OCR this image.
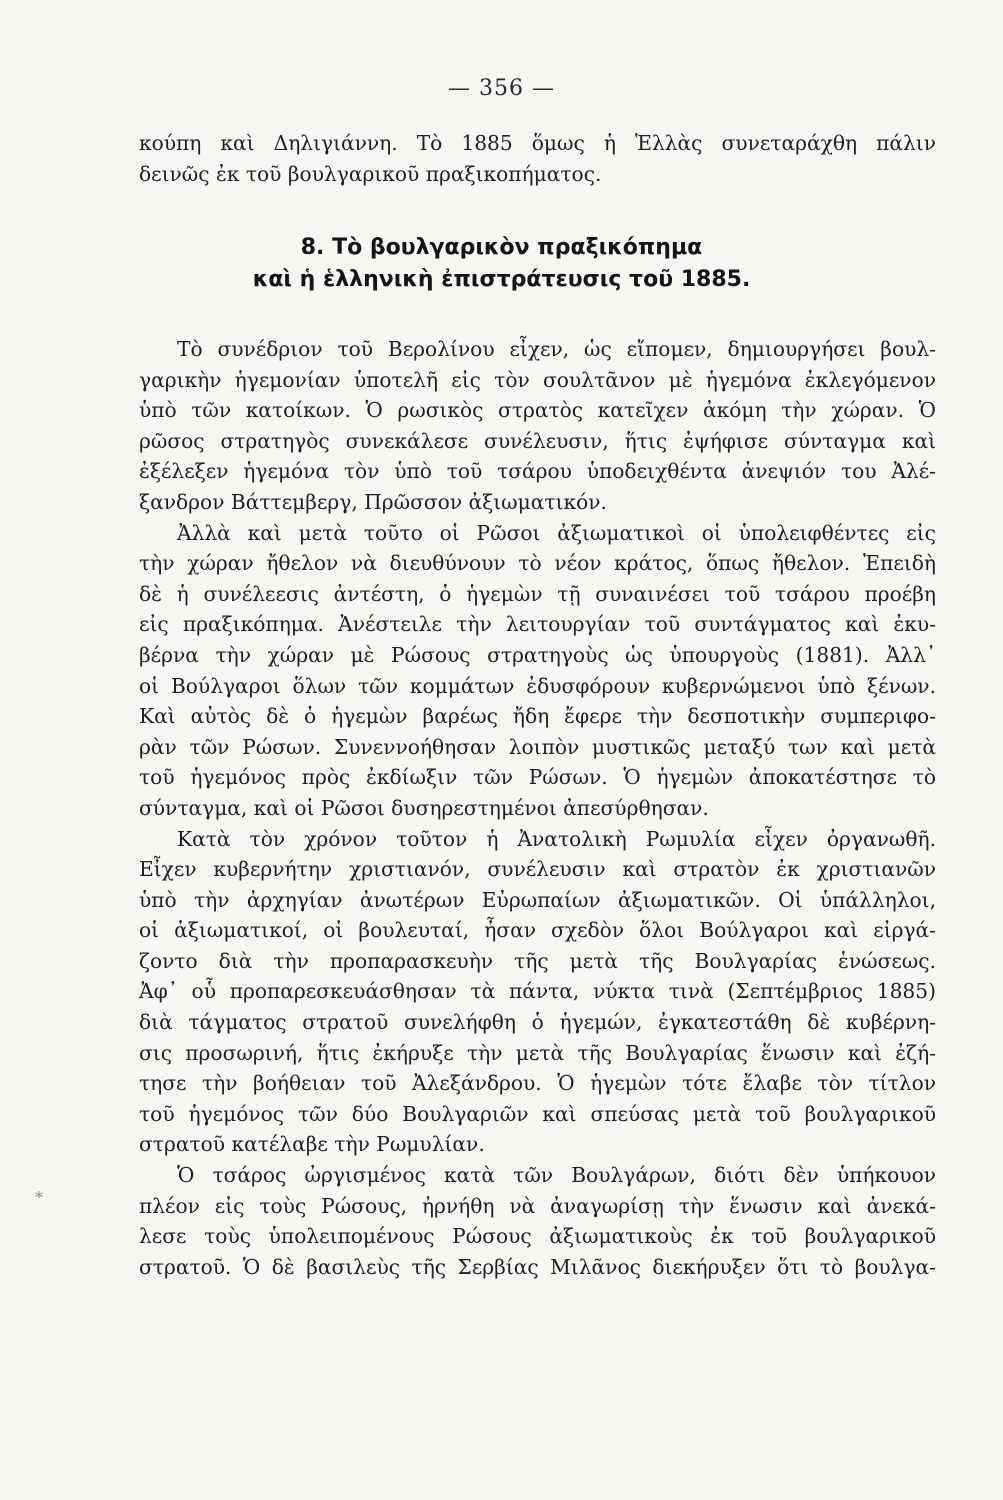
— 356 —
κούπη καὶ Δηλιγιάννη. Τὸ 1885 ὅμως ἡ Ἑλλὰς συνεταράχθη πάλιν
δεινῶς ἐκ τοῦ βουλγαρικοῦ πραξικοπήματος.
8. Τὸ βουλγαρικὸν πραξικόπημα
καὶ ἡ ἑλληνικὴ ἐπιστράτευσις τοῦ 1885.
Τὸ συνέδριον τοῦ Βερολίνου εἶχεν, ὡς εἴπομεν, δημιουργήσει βουλ-
γαρικὴν ἡγεμονίαν ὑποτελῆ εἰς τὸν σουλτᾶνον μὲ ἡγεμόνα ἐκλεγόμενον
ὑπὸ τῶν κατοίκων. Ὁ ρωσικὸς στρατὸς κατεῖχεν ἀκόμη τὴν χώραν. Ὁ
ρῶσος στρατηγὸς συνεκάλεσε συνέλευσιν, ἥτις ἐψήφισε σύνταγμα καὶ
ἐξέλεξεν ἡγεμόνα τὸν ὑπὸ τοῦ τσάρου ὑποδειχθέντα ἀνεψιόν του Ἀλέ-
ξανδρον Βάττεμβεργ, Πρῶσσον ἀξιωματικόν.
Ἀλλὰ καὶ μετὰ τοῦτο οἱ Ρῶσοι ἀξιωματικοὶ οἱ ὑπολειφθέντες εἰς
τὴν χώραν ἤθελον νὰ διευθύνουν τὸ νέον κράτος, ὅπως ἤθελον. Ἐπειδὴ
δὲ ἡ συνέλεεσις ἀντέστη, ὁ ἡγεμὼν τῇ συναινέσει τοῦ τσάρου προέβη
εἰς πραξικόπημα. Ἀνέστειλε τὴν λειτουργίαν τοῦ συντάγματος καὶ ἐκυ-
βέρνα τὴν χώραν μὲ Ρώσους στρατηγοὺς ὡς ὑπουργοὺς (1881). Ἀλλ᾽
οἱ Βούλγαροι ὅλων τῶν κομμάτων ἐδυσφόρουν κυβερνώμενοι ὑπὸ ξένων.
Καὶ αὐτὸς δὲ ὁ ἡγεμὼν βαρέως ἤδη ἔφερε τὴν δεσποτικὴν συμπεριφο-
ρὰν τῶν Ρώσων. Συνεννοήθησαν λοιπὸν μυστικῶς μεταξύ των καὶ μετὰ
τοῦ ἡγεμόνος πρὸς ἐκδίωξιν τῶν Ρώσων. Ὁ ἡγεμὼν ἀποκατέστησε τὸ
σύνταγμα, καὶ οἱ Ρῶσοι δυσηρεστημένοι ἀπεσύρθησαν.
Κατὰ τὸν χρόνον τοῦτον ἡ Ἀνατολικὴ Ρωμυλία εἶχεν ὀργανωθῆ.
Εἶχεν κυβερνήτην χριστιανόν, συνέλευσιν καὶ στρατὸν ἐκ χριστιανῶν
ὑπὸ τὴν ἀρχηγίαν ἀνωτέρων Εὐρωπαίων ἀξιωματικῶν. Οἱ ὑπάλληλοι,
οἱ ἀξιωματικοί, οἱ βουλευταί, ἦσαν σχεδὸν ὅλοι Βούλγαροι καὶ εἰργά-
ζοντο διὰ τὴν προπαρασκευὴν τῆς μετὰ τῆς Βουλγαρίας ἑνώσεως.
Ἀφ᾽ οὗ προπαρεσκευάσθησαν τὰ πάντα, νύκτα τινὰ (Σεπτέμβριος 1885)
διὰ τάγματος στρατοῦ συνελήφθη ὁ ἡγεμών, ἐγκατεστάθη δὲ κυβέρνη-
σις προσωρινή, ἥτις ἐκήρυξε τὴν μετὰ τῆς Βουλγαρίας ἕνωσιν καὶ ἐζή-
τησε τὴν βοήθειαν τοῦ Ἀλεξάνδρου. Ὁ ἡγεμὼν τότε ἔλαβε τὸν τίτλον
τοῦ ἡγεμόνος τῶν δύο Βουλγαριῶν καὶ σπεύσας μετὰ τοῦ βουλγαρικοῦ
στρατοῦ κατέλαβε τὴν Ρωμυλίαν.
Ὁ τσάρος ὠργισμένος κατὰ τῶν Βουλγάρων, διότι δὲν ὑπήκουον
πλέον εἰς τοὺς Ρώσους, ἠρνήθη νὰ ἀναγωρίσῃ τὴν ἕνωσιν καὶ ἀνεκά-
λεσε τοὺς ὑπολειπομένους Ρώσους ἀξιωματικοὺς ἐκ τοῦ βουλγαρικοῦ
στρατοῦ. Ὁ δὲ βασιλεὺς τῆς Σερβίας Μιλᾶνος διεκήρυξεν ὅτι τὸ βουλγα-
*
